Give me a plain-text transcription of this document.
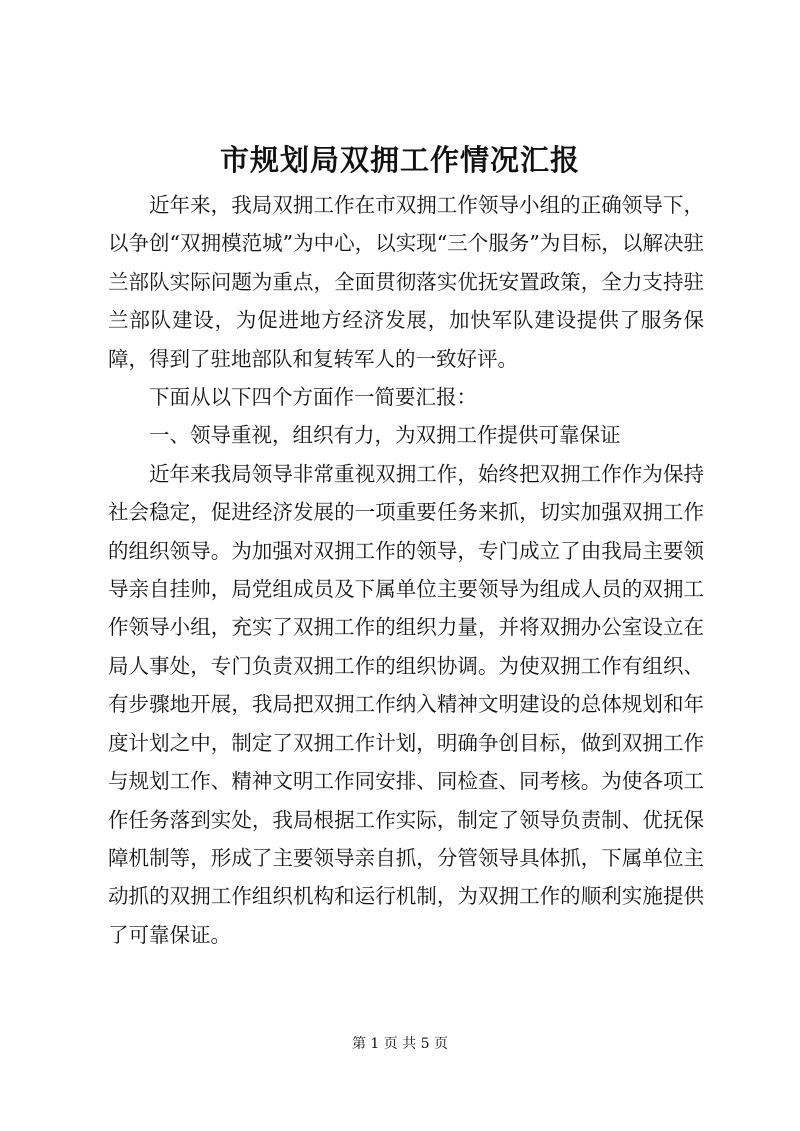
市规划局双拥工作情况汇报

近年来，我局双拥工作在市双拥工作领导小组的正确领导下，以争创“双拥模范城”为中心，以实现“三个服务”为目标，以解决驻兰部队实际问题为重点，全面贯彻落实优抚安置政策，全力支持驻兰部队建设，为促进地方经济发展，加快军队建设提供了服务保障，得到了驻地部队和复转军人的一致好评。

下面从以下四个方面作一简要汇报：

一、领导重视，组织有力，为双拥工作提供可靠保证

近年来我局领导非常重视双拥工作，始终把双拥工作作为保持社会稳定，促进经济发展的一项重要任务来抓，切实加强双拥工作的组织领导。为加强对双拥工作的领导，专门成立了由我局主要领导亲自挂帅，局党组成员及下属单位主要领导为组成人员的双拥工作领导小组，充实了双拥工作的组织力量，并将双拥办公室设立在局人事处，专门负责双拥工作的组织协调。为使双拥工作有组织、有步骤地开展，我局把双拥工作纳入精神文明建设的总体规划和年度计划之中，制定了双拥工作计划，明确争创目标，做到双拥工作与规划工作、精神文明工作同安排、同检查、同考核。为使各项工作任务落到实处，我局根据工作实际，制定了领导负责制、优抚保障机制等，形成了主要领导亲自抓，分管领导具体抓，下属单位主动抓的双拥工作组织机构和运行机制，为双拥工作的顺利实施提供了可靠保证。

第 1 页 共 5 页
